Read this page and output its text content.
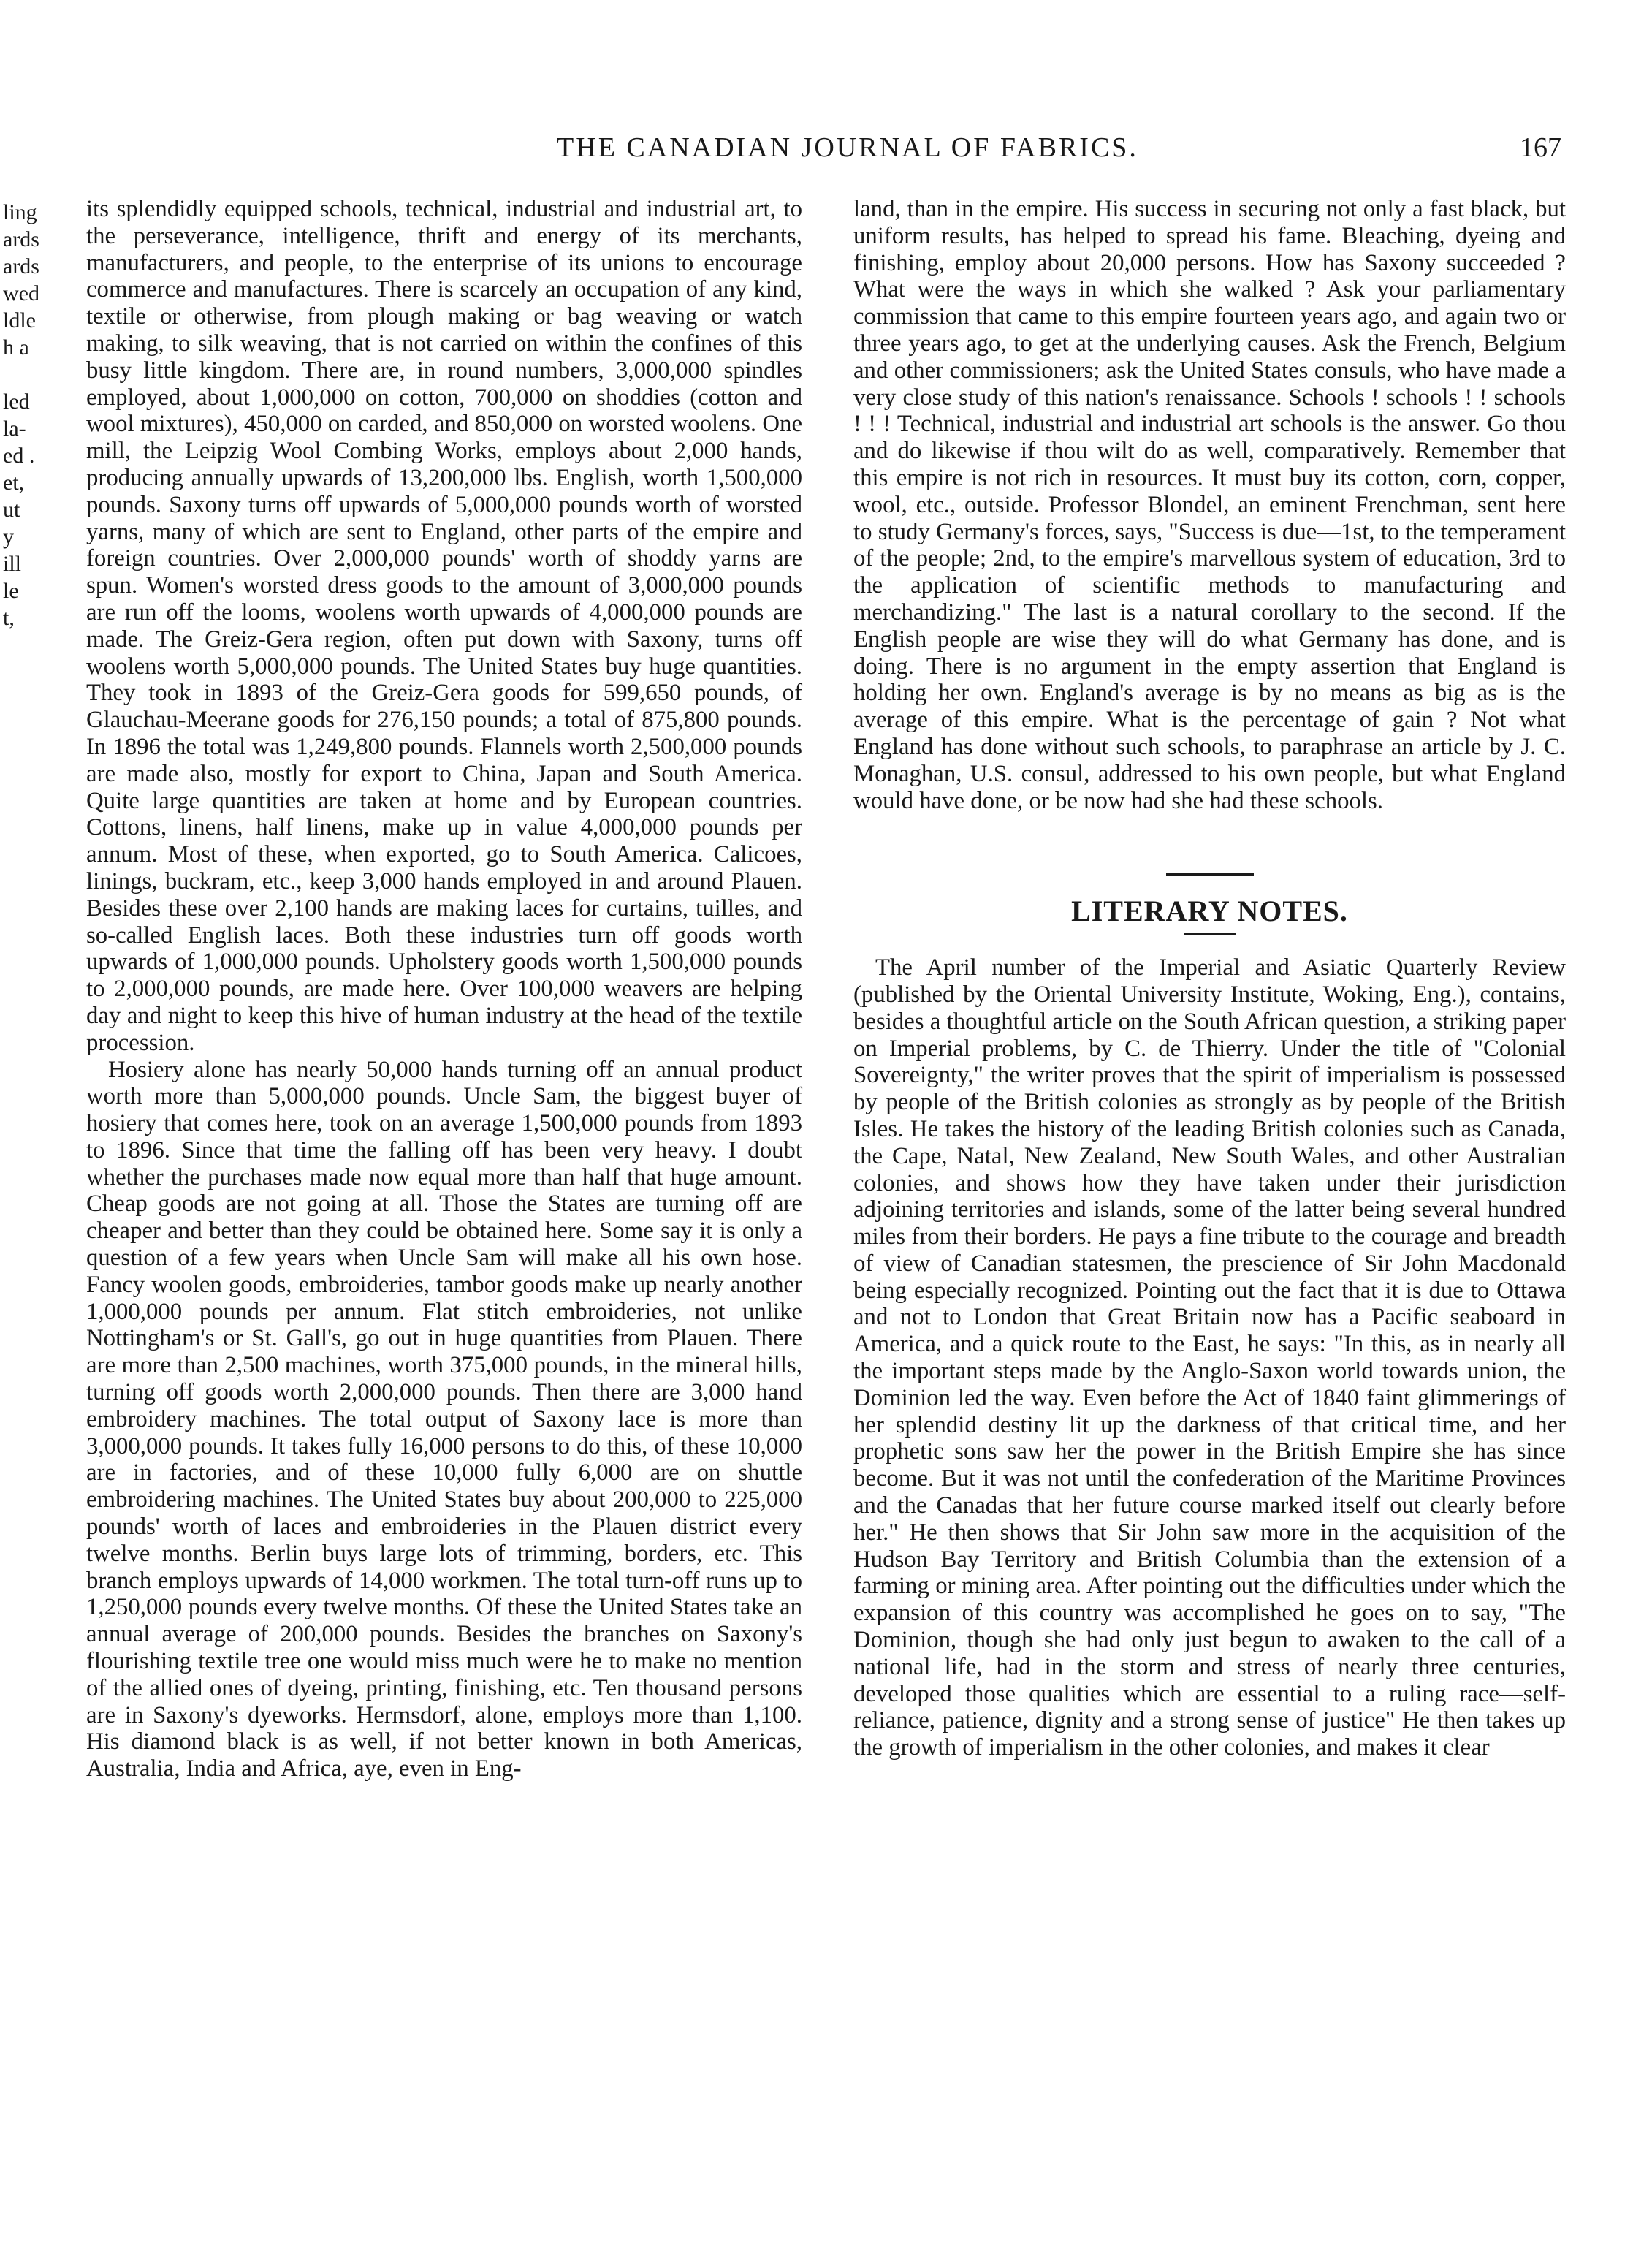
THE CANADIAN JOURNAL OF FABRICS.	167
ling
ards
ards
wed
ldle
h a
led
la-
ed .
et,
ut
y
ill
le
t,

its splendidly equipped schools, technical, industrial and industrial art, to the perseverance, intelligence, thrift and energy of its merchants, manufacturers, and people, to the enterprise of its unions to encourage commerce and manufactures. There is scarcely an occupation of any kind, textile or otherwise, from plough making or bag weaving or watch making, to silk weaving, that is not carried on within the confines of this busy little kingdom. There are, in round numbers, 3,000,000 spindles employed, about 1,000,000 on cotton, 700,000 on shoddies (cotton and wool mixtures), 450,000 on carded, and 850,000 on worsted woolens. One mill, the Leipzig Wool Combing Works, employs about 2,000 hands, producing annually upwards of 13,200,000 lbs. English, worth 1,500,000 pounds. Saxony turns off upwards of 5,000,000 pounds worth of worsted yarns, many of which are sent to England, other parts of the empire and foreign countries. Over 2,000,000 pounds' worth of shoddy yarns are spun. Women's worsted dress goods to the amount of 3,000,000 pounds are run off the looms, woolens worth upwards of 4,000,000 pounds are made. The Greiz-Gera region, often put down with Saxony, turns off woolens worth 5,000,000 pounds. The United States buy huge quantities. They took in 1893 of the Greiz-Gera goods for 599,650 pounds, of Glauchau-Meerane goods for 276,150 pounds; a total of 875,800 pounds. In 1896 the total was 1,249,800 pounds. Flannels worth 2,500,000 pounds are made also, mostly for export to China, Japan and South America. Quite large quantities are taken at home and by European countries. Cottons, linens, half linens, make up in value 4,000,000 pounds per annum. Most of these, when exported, go to South America. Calicoes, linings, buckram, etc., keep 3,000 hands employed in and around Plauen. Besides these over 2,100 hands are making laces for curtains, tuilles, and so-called English laces. Both these industries turn off goods worth upwards of 1,000,000 pounds. Upholstery goods worth 1,500,000 pounds to 2,000,000 pounds, are made here. Over 100,000 weavers are helping day and night to keep this hive of human industry at the head of the textile procession.

Hosiery alone has nearly 50,000 hands turning off an annual product worth more than 5,000,000 pounds. Uncle Sam, the biggest buyer of hosiery that comes here, took on an average 1,500,000 pounds from 1893 to 1896. Since that time the falling off has been very heavy. I doubt whether the purchases made now equal more than half that huge amount. Cheap goods are not going at all. Those the States are turning off are cheaper and better than they could be obtained here. Some say it is only a question of a few years when Uncle Sam will make all his own hose. Fancy woolen goods, embroideries, tambor goods make up nearly another 1,000,000 pounds per annum. Flat stitch embroideries, not unlike Nottingham's or St. Gall's, go out in huge quantities from Plauen. There are more than 2,500 machines, worth 375,000 pounds, in the mineral hills, turning off goods worth 2,000,000 pounds. Then there are 3,000 hand embroidery machines. The total output of Saxony lace is more than 3,000,000 pounds. It takes fully 16,000 persons to do this, of these 10,000 are in factories, and of these 10,000 fully 6,000 are on shuttle embroidering machines. The United States buy about 200,000 to 225,000 pounds' worth of laces and embroideries in the Plauen district every twelve months. Berlin buys large lots of trimming, borders, etc. This branch employs upwards of 14,000 workmen. The total turn-off runs up to 1,250,000 pounds every twelve months. Of these the United States take an annual average of 200,000 pounds. Besides the branches on Saxony's flourishing textile tree one would miss much were he to make no mention of the allied ones of dyeing, printing, finishing, etc. Ten thousand persons are in Saxony's dyeworks. Hermsdorf, alone, employs more than 1,100. His diamond black is as well, if not better known in both Americas, Australia, India and Africa, aye, even in Eng-

land, than in the empire. His success in securing not only a fast black, but uniform results, has helped to spread his fame. Bleaching, dyeing and finishing, employ about 20,000 persons. How has Saxony succeeded ? What were the ways in which she walked ? Ask your parliamentary commission that came to this empire fourteen years ago, and again two or three years ago, to get at the underlying causes. Ask the French, Belgium and other commissioners; ask the United States consuls, who have made a very close study of this nation's renaissance. Schools ! schools ! ! schools ! ! ! Technical, industrial and industrial art schools is the answer. Go thou and do likewise if thou wilt do as well, comparatively. Remember that this empire is not rich in resources. It must buy its cotton, corn, copper, wool, etc., outside. Professor Blondel, an eminent Frenchman, sent here to study Germany's forces, says, "Success is due—1st, to the temperament of the people; 2nd, to the empire's marvellous system of education, 3rd to the application of scientific methods to manufacturing and merchandizing." The last is a natural corollary to the second. If the English people are wise they will do what Germany has done, and is doing. There is no argument in the empty assertion that England is holding her own. England's average is by no means as big as is the average of this empire. What is the percentage of gain ? Not what England has done without such schools, to paraphrase an article by J. C. Monaghan, U.S. consul, addressed to his own people, but what England would have done, or be now had she had these schools.

LITERARY NOTES.

The April number of the Imperial and Asiatic Quarterly Review (published by the Oriental University Institute, Woking, Eng.), contains, besides a thoughtful article on the South African question, a striking paper on Imperial problems, by C. de Thierry. Under the title of "Colonial Sovereignty," the writer proves that the spirit of imperialism is possessed by people of the British colonies as strongly as by people of the British Isles. He takes the history of the leading British colonies such as Canada, the Cape, Natal, New Zealand, New South Wales, and other Australian colonies, and shows how they have taken under their jurisdiction adjoining territories and islands, some of the latter being several hundred miles from their borders. He pays a fine tribute to the courage and breadth of view of Canadian statesmen, the prescience of Sir John Macdonald being especially recognized. Pointing out the fact that it is due to Ottawa and not to London that Great Britain now has a Pacific seaboard in America, and a quick route to the East, he says: "In this, as in nearly all the important steps made by the Anglo-Saxon world towards union, the Dominion led the way. Even before the Act of 1840 faint glimmerings of her splendid destiny lit up the darkness of that critical time, and her prophetic sons saw her the power in the British Empire she has since become. But it was not until the confederation of the Maritime Provinces and the Canadas that her future course marked itself out clearly before her." He then shows that Sir John saw more in the acquisition of the Hudson Bay Territory and British Columbia than the extension of a farming or mining area. After pointing out the difficulties under which the expansion of this country was accomplished he goes on to say, "The Dominion, though she had only just begun to awaken to the call of a national life, had in the storm and stress of nearly three centuries, developed those qualities which are essential to a ruling race—self-reliance, patience, dignity and a strong sense of justice" He then takes up the growth of imperialism in the other colonies, and makes it clear
